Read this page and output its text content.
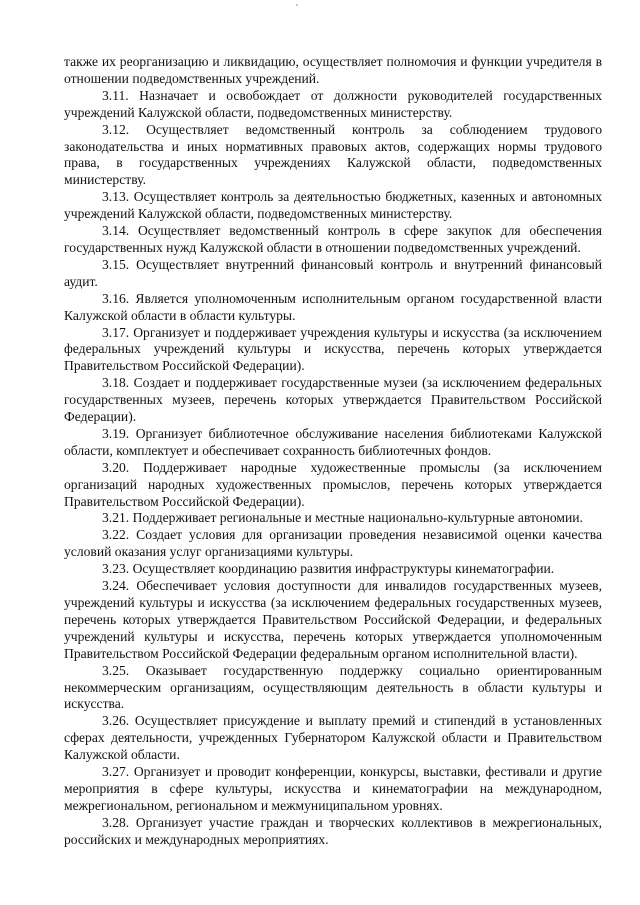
также их реорганизацию и ликвидацию, осуществляет полномочия и функции учредителя в отношении подведомственных учреждений.

3.11. Назначает и освобождает от должности руководителей государственных учреждений Калужской области, подведомственных министерству.

3.12. Осуществляет ведомственный контроль за соблюдением трудового законодательства и иных нормативных правовых актов, содержащих нормы трудового права, в государственных учреждениях Калужской области, подведомственных министерству.

3.13. Осуществляет контроль за деятельностью бюджетных, казенных и автономных учреждений Калужской области, подведомственных министерству.

3.14. Осуществляет ведомственный контроль в сфере закупок для обеспечения государственных нужд Калужской области в отношении подведомственных учреждений.

3.15. Осуществляет внутренний финансовый контроль и внутренний финансовый аудит.

3.16. Является уполномоченным исполнительным органом государственной власти Калужской области в области культуры.

3.17. Организует и поддерживает учреждения культуры и искусства (за исключением федеральных учреждений культуры и искусства, перечень которых утверждается Правительством Российской Федерации).

3.18. Создает и поддерживает государственные музеи (за исключением федеральных государственных музеев, перечень которых утверждается Правительством Российской Федерации).

3.19. Организует библиотечное обслуживание населения библиотеками Калужской области, комплектует и обеспечивает сохранность библиотечных фондов.

3.20. Поддерживает народные художественные промыслы (за исключением организаций народных художественных промыслов, перечень которых утверждается Правительством Российской Федерации).

3.21. Поддерживает региональные и местные национально-культурные автономии.

3.22. Создает условия для организации проведения независимой оценки качества условий оказания услуг организациями культуры.

3.23. Осуществляет координацию развития инфраструктуры кинематографии.

3.24. Обеспечивает условия доступности для инвалидов государственных музеев, учреждений культуры и искусства (за исключением федеральных государственных музеев, перечень которых утверждается Правительством Российской Федерации, и федеральных учреждений культуры и искусства, перечень которых утверждается уполномоченным Правительством Российской Федерации федеральным органом исполнительной власти).

3.25. Оказывает государственную поддержку социально ориентированным некоммерческим организациям, осуществляющим деятельность в области культуры и искусства.

3.26. Осуществляет присуждение и выплату премий и стипендий в установленных сферах деятельности, учрежденных Губернатором Калужской области и Правительством Калужской области.

3.27. Организует и проводит конференции, конкурсы, выставки, фестивали и другие мероприятия в сфере культуры, искусства и кинематографии на международном, межрегиональном, региональном и межмуниципальном уровнях.

3.28. Организует участие граждан и творческих коллективов в межрегиональных, российских и международных мероприятиях.
